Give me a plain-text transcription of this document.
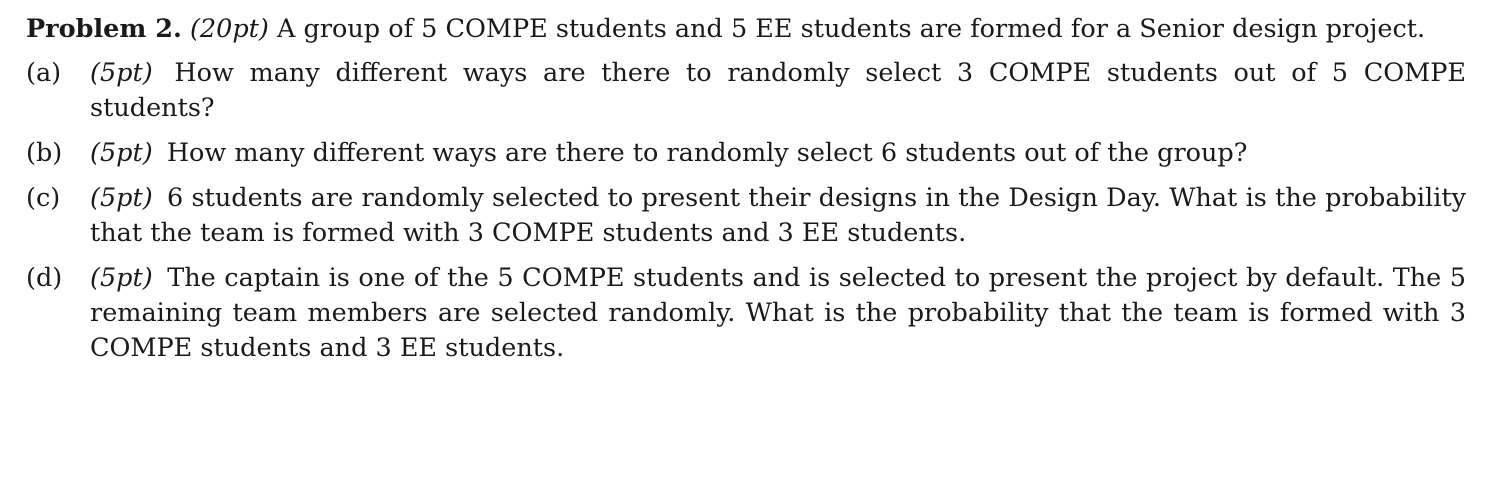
Problem 2. (20pt) A group of 5 COMPE students and 5 EE students are formed for a Senior design project.
(a) (5pt) How many different ways are there to randomly select 3 COMPE students out of 5 COMPE students?
(b) (5pt) How many different ways are there to randomly select 6 students out of the group?
(c) (5pt) 6 students are randomly selected to present their designs in the Design Day. What is the probability that the team is formed with 3 COMPE students and 3 EE students.
(d) (5pt) The captain is one of the 5 COMPE students and is selected to present the project by default. The 5 remaining team members are selected randomly. What is the probability that the team is formed with 3 COMPE students and 3 EE students.
